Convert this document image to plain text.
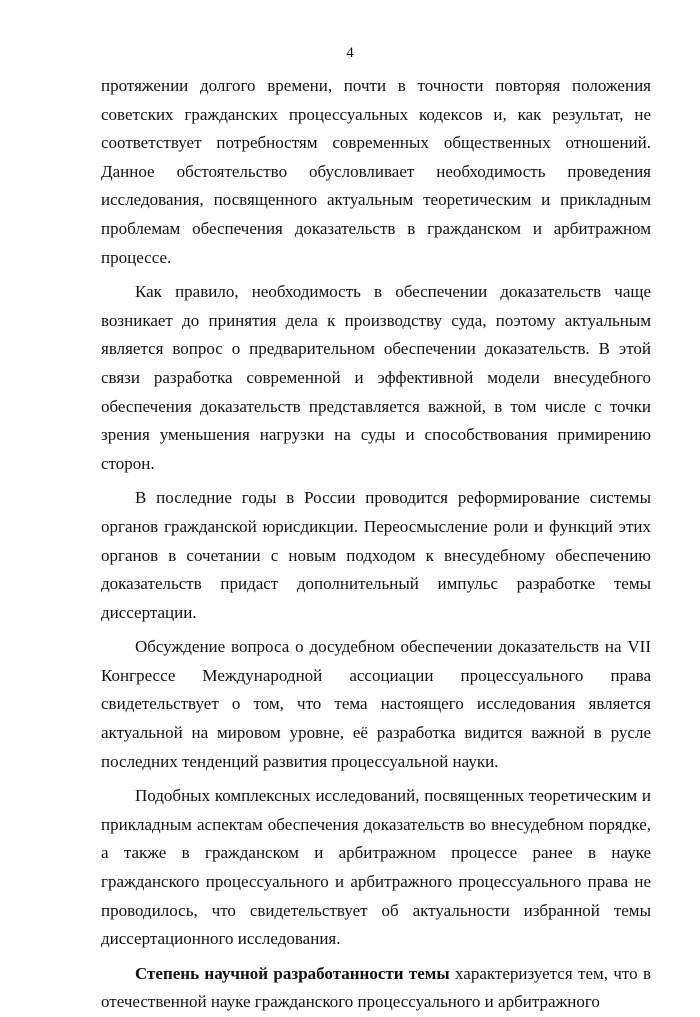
4

протяжении долгого времени, почти в точности повторяя положения советских гражданских процессуальных кодексов и, как результат, не соответствует потребностям современных общественных отношений. Данное обстоятельство обусловливает необходимость проведения исследования, посвященного актуальным теоретическим и прикладным проблемам обеспечения доказательств в гражданском и арбитражном процессе.

Как правило, необходимость в обеспечении доказательств чаще возникает до принятия дела к производству суда, поэтому актуальным является вопрос о предварительном обеспечении доказательств. В этой связи разработка современной и эффективной модели внесудебного обеспечения доказательств представляется важной, в том числе с точки зрения уменьшения нагрузки на суды и способствования примирению сторон.

В последние годы в России проводится реформирование системы органов гражданской юрисдикции. Переосмысление роли и функций этих органов в сочетании с новым подходом к внесудебному обеспечению доказательств придаст дополнительный импульс разработке темы диссертации.

Обсуждение вопроса о досудебном обеспечении доказательств на VII Конгрессе Международной ассоциации процессуального права свидетельствует о том, что тема настоящего исследования является актуальной на мировом уровне, её разработка видится важной в русле последних тенденций развития процессуальной науки.

Подобных комплексных исследований, посвященных теоретическим и прикладным аспектам обеспечения доказательств во внесудебном порядке, а также в гражданском и арбитражном процессе ранее в науке гражданского процессуального и арбитражного процессуального права не проводилось, что свидетельствует об актуальности избранной темы диссертационного исследования.

Степень научной разработанности темы характеризуется тем, что в отечественной науке гражданского процессуального и арбитражного
